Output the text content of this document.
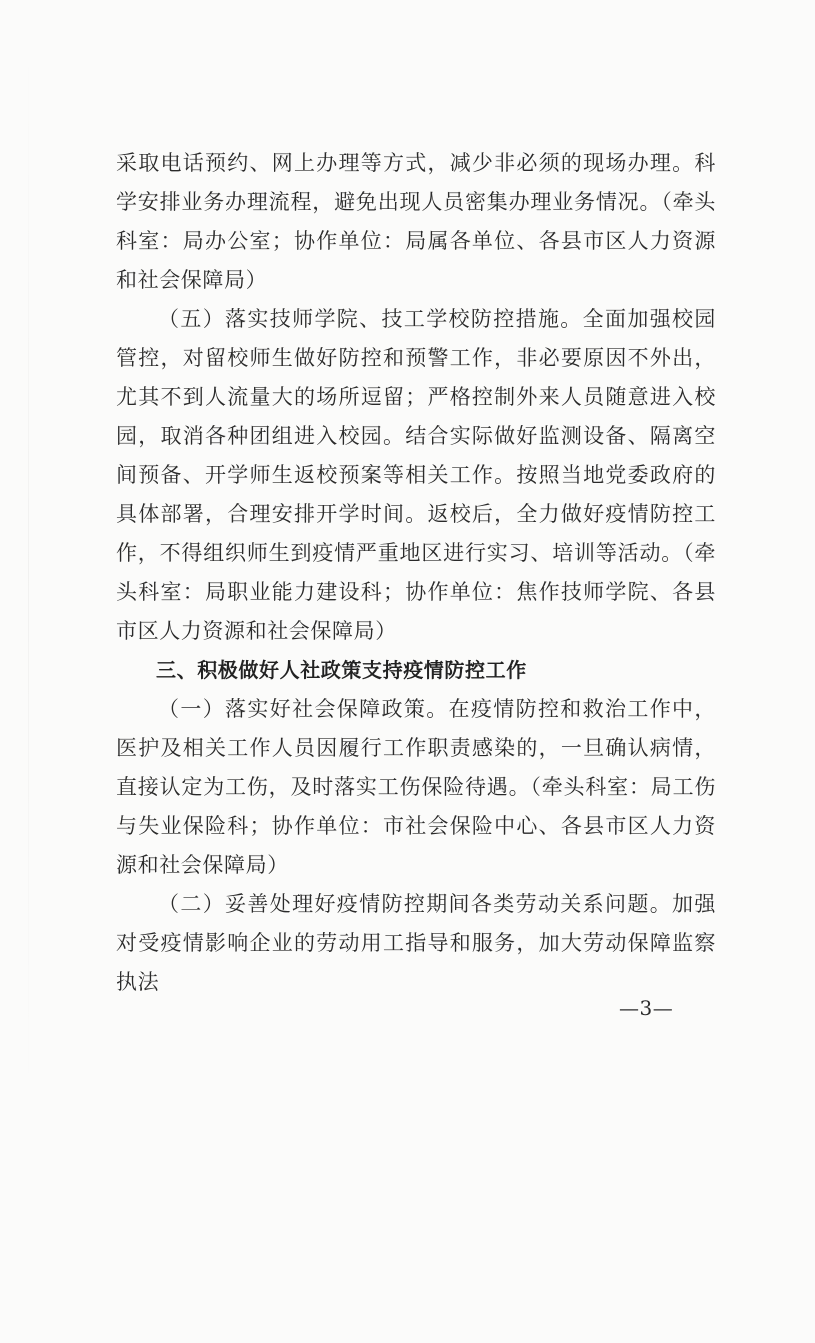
采取电话预约、网上办理等方式，减少非必须的现场办理。科学安排业务办理流程，避免出现人员密集办理业务情况。（牵头科室：局办公室；协作单位：局属各单位、各县市区人力资源和社会保障局）

（五）落实技师学院、技工学校防控措施。全面加强校园管控，对留校师生做好防控和预警工作，非必要原因不外出，尤其不到人流量大的场所逗留；严格控制外来人员随意进入校园，取消各种团组进入校园。结合实际做好监测设备、隔离空间预备、开学师生返校预案等相关工作。按照当地党委政府的具体部署，合理安排开学时间。返校后，全力做好疫情防控工作，不得组织师生到疫情严重地区进行实习、培训等活动。（牵头科室：局职业能力建设科；协作单位：焦作技师学院、各县市区人力资源和社会保障局）

三、积极做好人社政策支持疫情防控工作

（一）落实好社会保障政策。在疫情防控和救治工作中，医护及相关工作人员因履行工作职责感染的，一旦确认病情，直接认定为工伤，及时落实工伤保险待遇。（牵头科室：局工伤与失业保险科；协作单位：市社会保险中心、各县市区人力资源和社会保障局）

（二）妥善处理好疫情防控期间各类劳动关系问题。加强对受疫情影响企业的劳动用工指导和服务，加大劳动保障监察执法

—3—
